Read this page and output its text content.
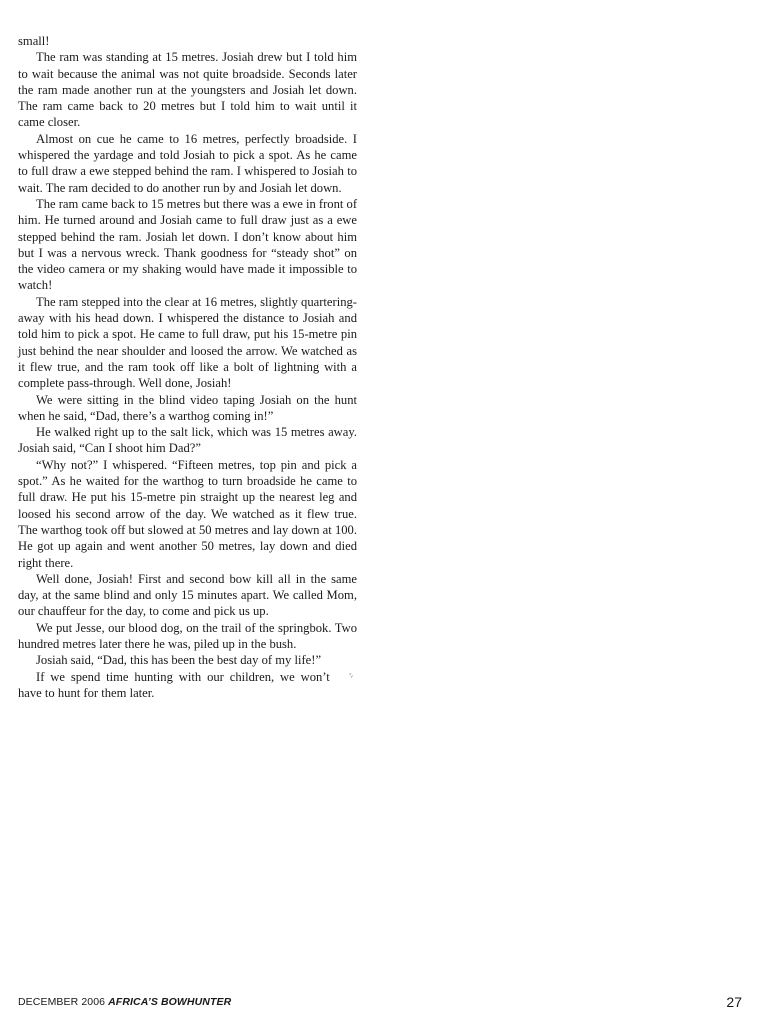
small!

The ram was standing at 15 metres. Josiah drew but I told him to wait because the animal was not quite broadside. Seconds later the ram made another run at the youngsters and Josiah let down. The ram came back to 20 metres but I told him to wait until it came closer.

Almost on cue he came to 16 metres, perfectly broadside. I whispered the yardage and told Josiah to pick a spot. As he came to full draw a ewe stepped behind the ram. I whispered to Josiah to wait. The ram decided to do another run by and Josiah let down.

The ram came back to 15 metres but there was a ewe in front of him. He turned around and Josiah came to full draw just as a ewe stepped behind the ram. Josiah let down. I don’t know about him but I was a nervous wreck. Thank goodness for “steady shot” on the video camera or my shaking would have made it impossible to watch!

The ram stepped into the clear at 16 metres, slightly quartering-away with his head down. I whispered the distance to Josiah and told him to pick a spot. He came to full draw, put his 15-metre pin just behind the near shoulder and loosed the arrow. We watched as it flew true, and the ram took off like a bolt of lightning with a complete pass-through. Well done, Josiah!

We were sitting in the blind video taping Josiah on the hunt when he said, “Dad, there’s a warthog coming in!”

He walked right up to the salt lick, which was 15 metres away. Josiah said, “Can I shoot him Dad?”

“Why not?” I whispered. “Fifteen metres, top pin and pick a spot.” As he waited for the warthog to turn broadside he came to full draw. He put his 15-metre pin straight up the nearest leg and loosed his second arrow of the day. We watched as it flew true. The warthog took off but slowed at 50 metres and lay down at 100. He got up again and went another 50 metres, lay down and died right there.

Well done, Josiah! First and second bow kill all in the same day, at the same blind and only 15 minutes apart. We called Mom, our chauffeur for the day, to come and pick us up.

We put Jesse, our blood dog, on the trail of the springbok. Two hundred metres later there he was, piled up in the bush.

Josiah said, “Dad, this has been the best day of my life!”

␌
If we spend time hunting with our children, we won’t have to hunt for them later.

DECEMBER 2006 AFRICA’S BOWHUNTER	27
